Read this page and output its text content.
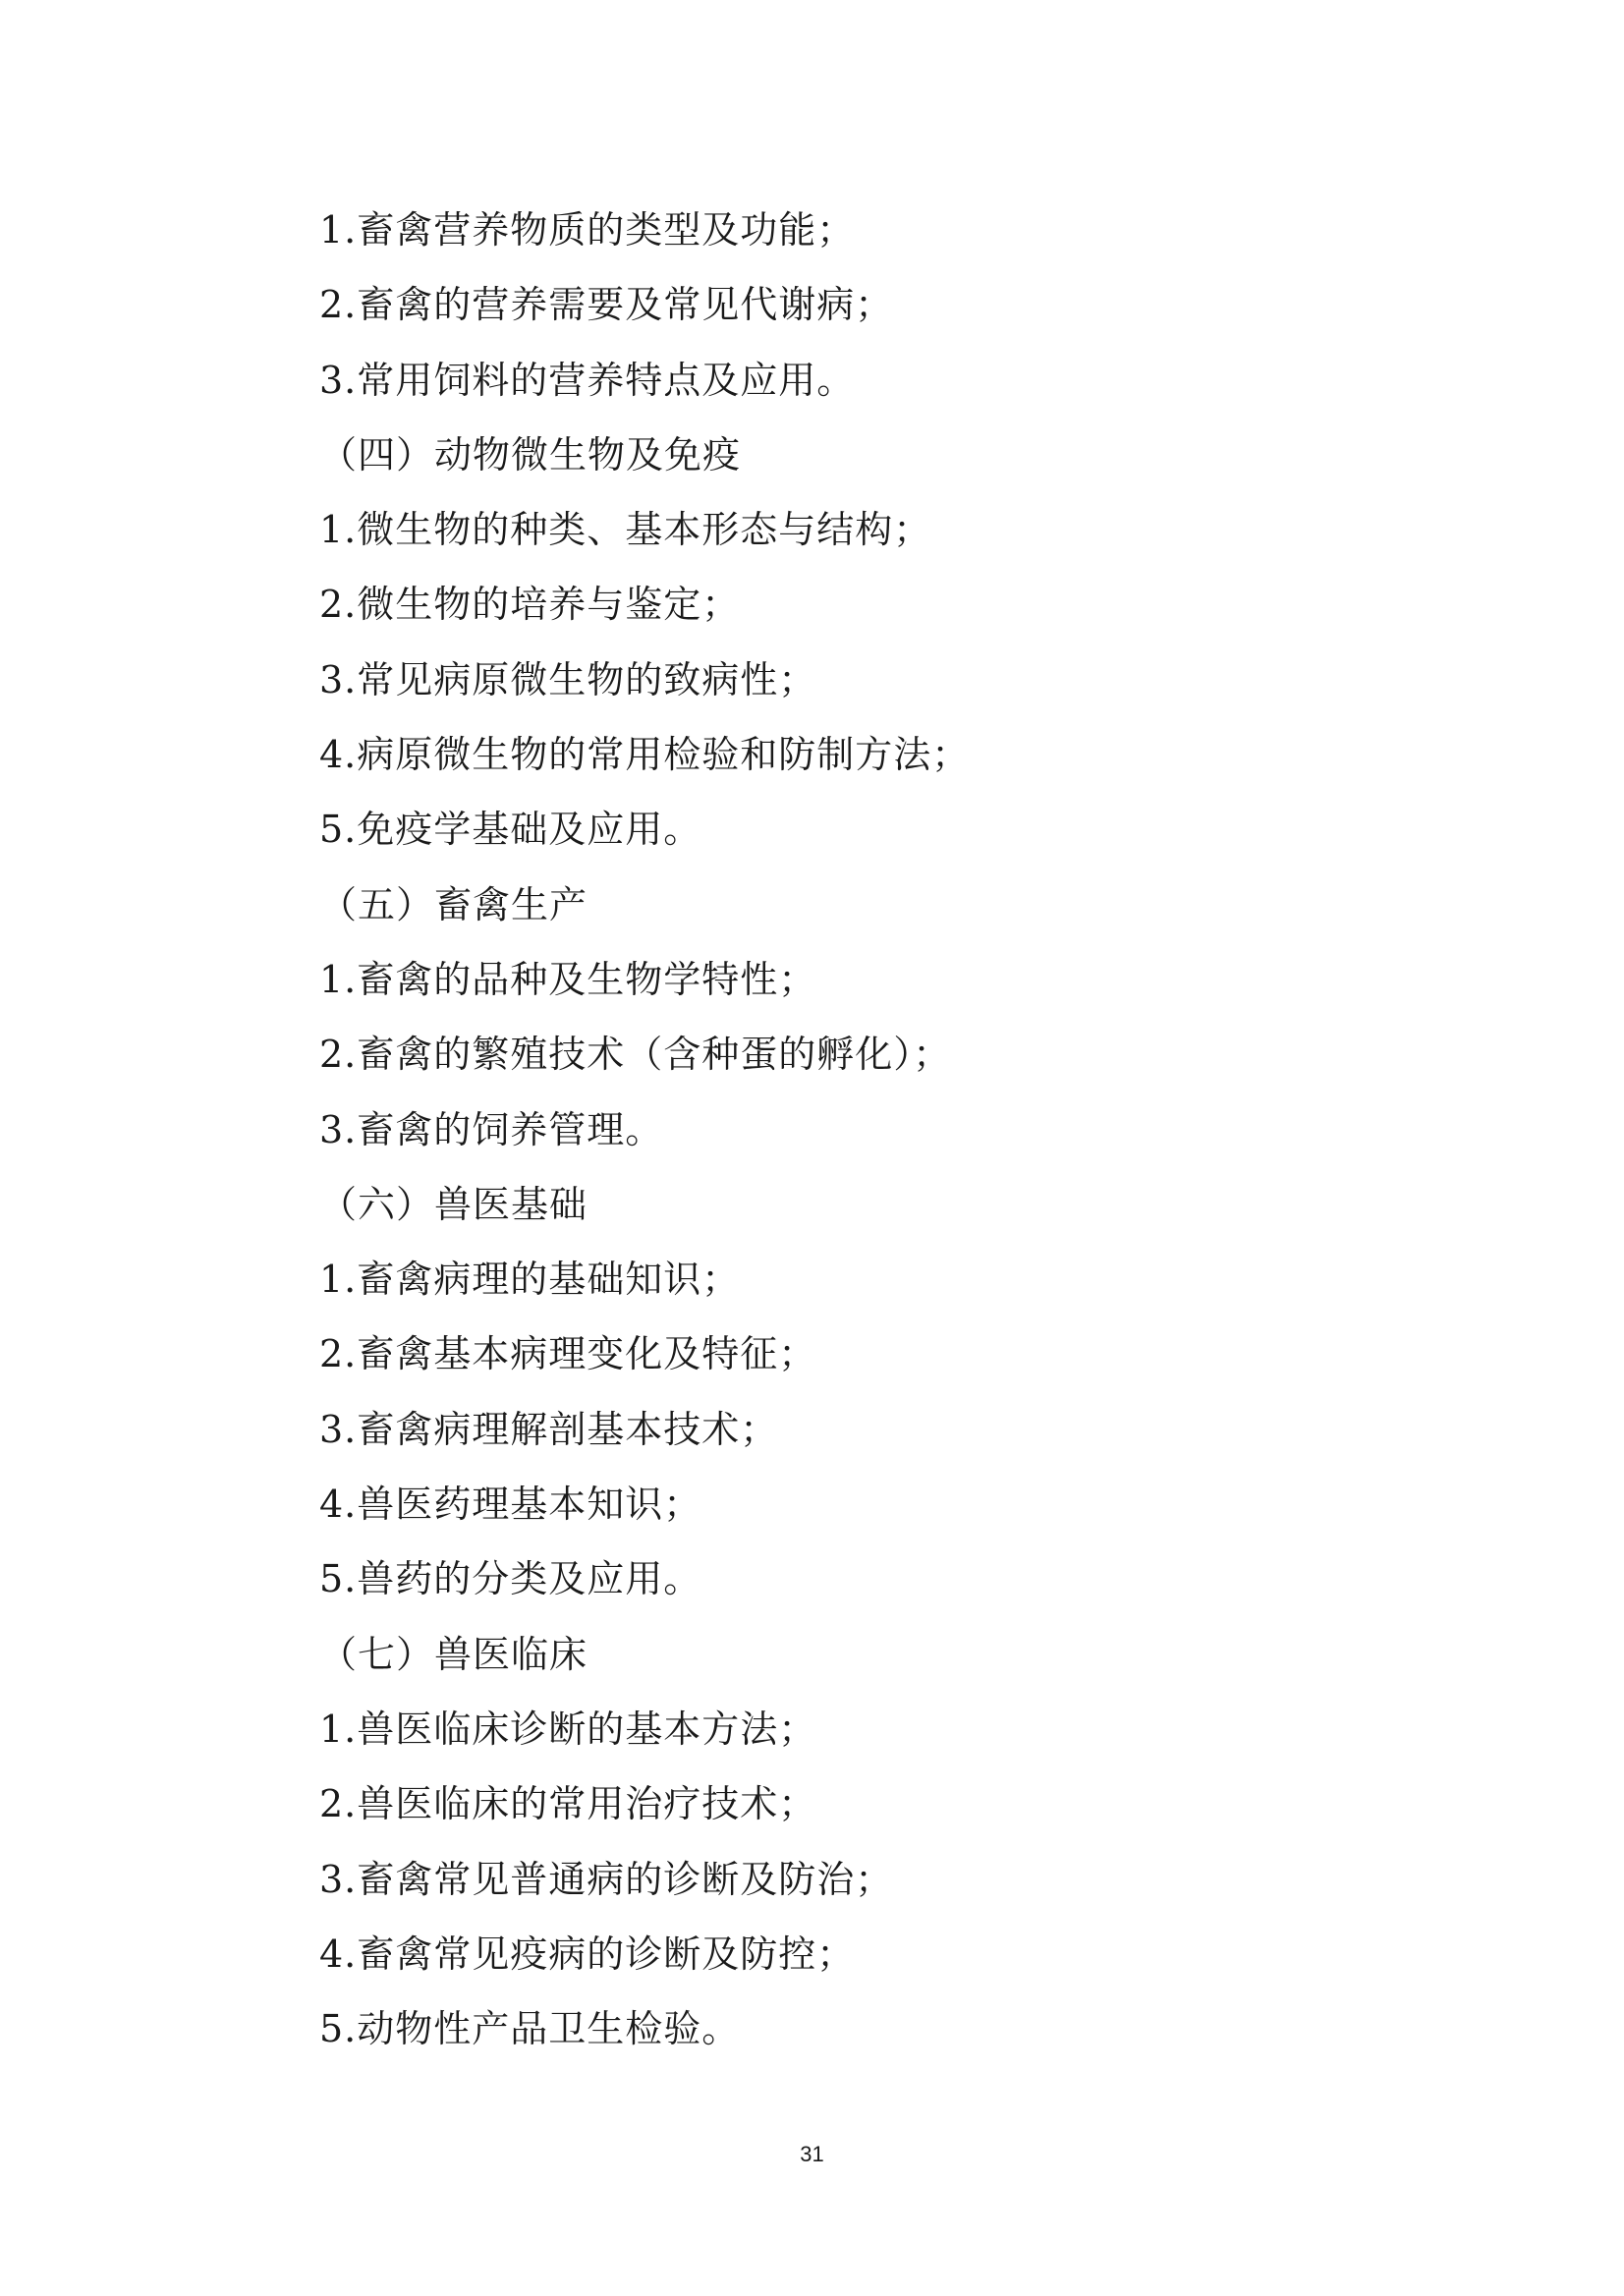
1.畜禽营养物质的类型及功能；
2.畜禽的营养需要及常见代谢病；
3.常用饲料的营养特点及应用。
（四）动物微生物及免疫
1.微生物的种类、基本形态与结构；
2.微生物的培养与鉴定；
3.常见病原微生物的致病性；
4.病原微生物的常用检验和防制方法；
5.免疫学基础及应用。
（五）畜禽生产
1.畜禽的品种及生物学特性；
2.畜禽的繁殖技术（含种蛋的孵化）；
3.畜禽的饲养管理。
（六）兽医基础
1.畜禽病理的基础知识；
2.畜禽基本病理变化及特征；
3.畜禽病理解剖基本技术；
4.兽医药理基本知识；
5.兽药的分类及应用。
（七）兽医临床
1.兽医临床诊断的基本方法；
2.兽医临床的常用治疗技术；
3.畜禽常见普通病的诊断及防治；
4.畜禽常见疫病的诊断及防控；
5.动物性产品卫生检验。
31
